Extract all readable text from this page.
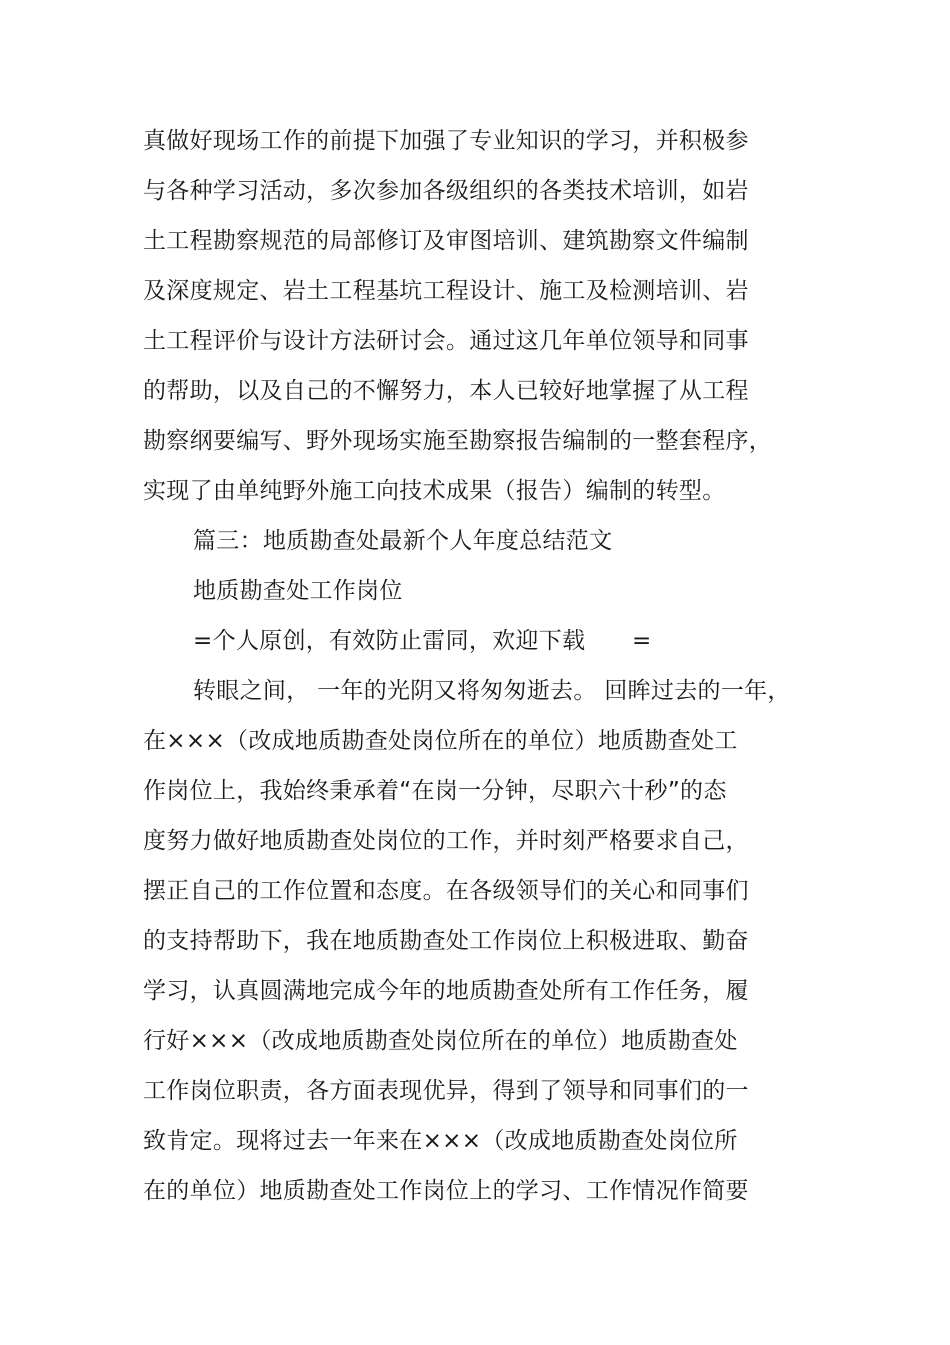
真做好现场工作的前提下加强了专业知识的学习，并积极参
与各种学习活动，多次参加各级组织的各类技术培训，如岩
土工程勘察规范的局部修订及审图培训、建筑勘察文件编制
及深度规定、岩土工程基坑工程设计、施工及检测培训、岩
土工程评价与设计方法研讨会。通过这几年单位领导和同事
的帮助，以及自己的不懈努力，本人已较好地掌握了从工程
勘察纲要编写、野外现场实施至勘察报告编制的一整套程序，
实现了由单纯野外施工向技术成果（报告）编制的转型。
篇三：地质勘查处最新个人年度总结范文
地质勘查处工作岗位
=个人原创，有效防止雷同，欢迎下载　　=
转眼之间， 一年的光阴又将匆匆逝去。 回眸过去的一年，
在×××（改成地质勘查处岗位所在的单位）地质勘查处工
作岗位上，我始终秉承着“在岗一分钟，尽职六十秒”的态
度努力做好地质勘查处岗位的工作，并时刻严格要求自己，
摆正自己的工作位置和态度。在各级领导们的关心和同事们
的支持帮助下，我在地质勘查处工作岗位上积极进取、勤奋
学习，认真圆满地完成今年的地质勘查处所有工作任务，履
行好×××（改成地质勘查处岗位所在的单位）地质勘查处
工作岗位职责，各方面表现优异，得到了领导和同事们的一
致肯定。现将过去一年来在×××（改成地质勘查处岗位所
在的单位）地质勘查处工作岗位上的学习、工作情况作简要
